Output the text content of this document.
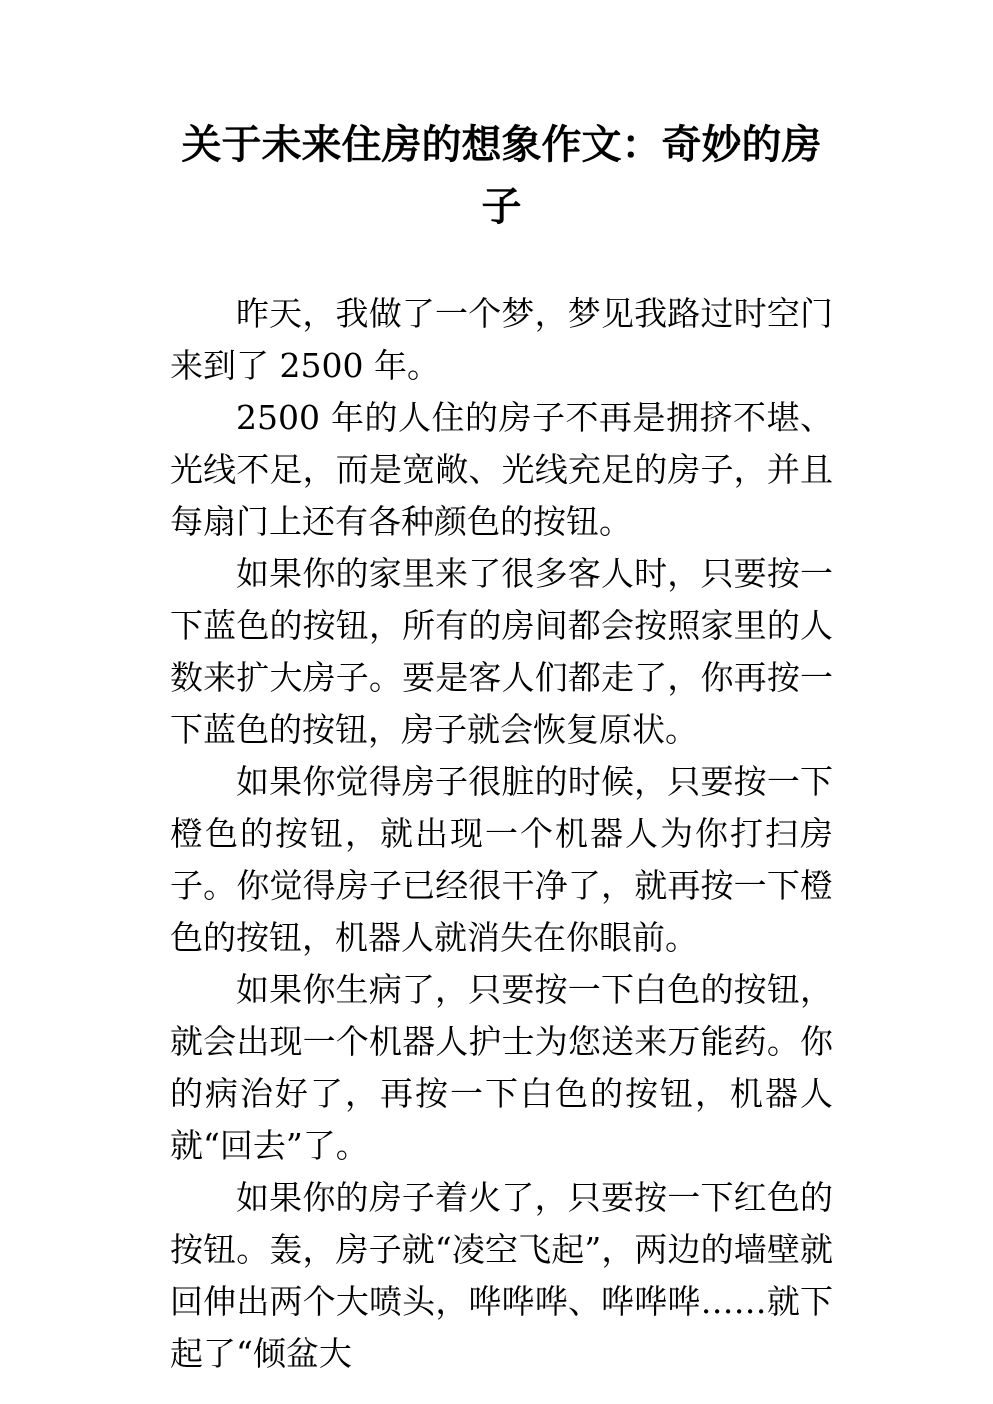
关于未来住房的想象作文：奇妙的房子

昨天，我做了一个梦，梦见我路过时空门来到了 2500 年。

2500 年的人住的房子不再是拥挤不堪、光线不足，而是宽敞、光线充足的房子，并且每扇门上还有各种颜色的按钮。

如果你的家里来了很多客人时，只要按一下蓝色的按钮，所有的房间都会按照家里的人数来扩大房子。要是客人们都走了，你再按一下蓝色的按钮，房子就会恢复原状。

如果你觉得房子很脏的时候，只要按一下橙色的按钮，就出现一个机器人为你打扫房子。你觉得房子已经很干净了，就再按一下橙色的按钮，机器人就消失在你眼前。

如果你生病了，只要按一下白色的按钮，就会出现一个机器人护士为您送来万能药。你的病治好了，再按一下白色的按钮，机器人就“回去”了。

如果你的房子着火了，只要按一下红色的按钮。轰，房子就“凌空飞起”，两边的墙壁就回伸出两个大喷头，哗哗哗、哗哗哗……就下起了“倾盆大
